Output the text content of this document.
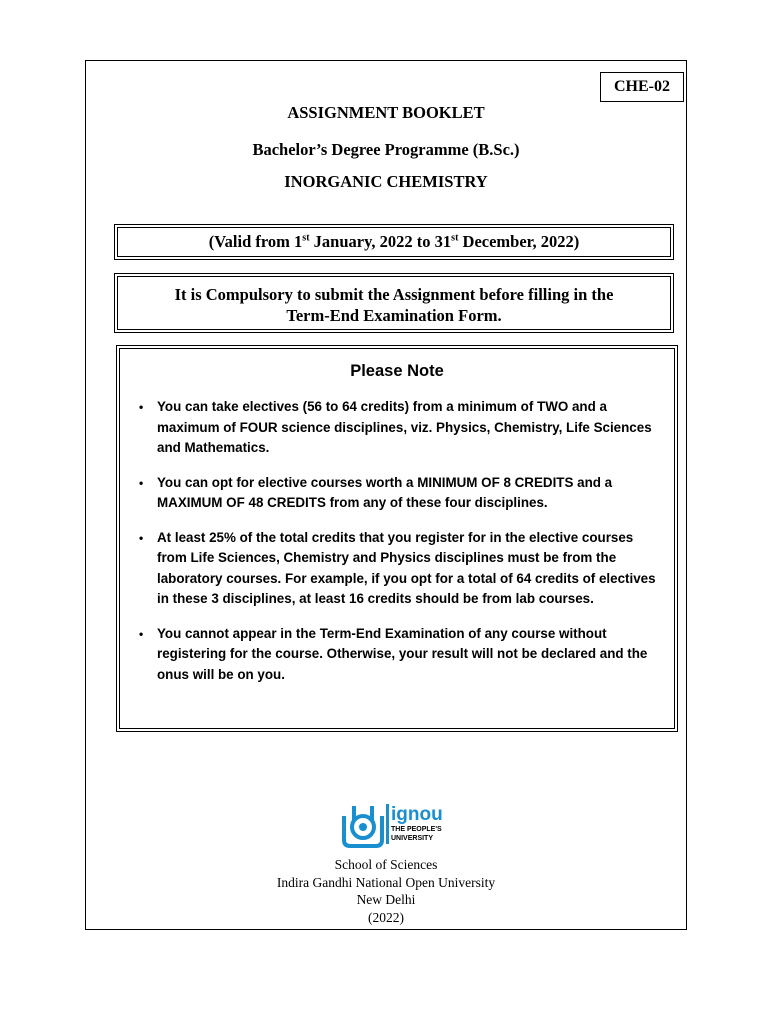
CHE-02
ASSIGNMENT BOOKLET
Bachelor’s Degree Programme (B.Sc.)
INORGANIC CHEMISTRY
(Valid from 1st January, 2022 to 31st December, 2022)
It is Compulsory to submit the Assignment before filling in the
Term-End Examination Form.
Please Note
• You can take electives (56 to 64 credits) from a minimum of TWO and a maximum of FOUR science disciplines, viz. Physics, Chemistry, Life Sciences and Mathematics.
• You can opt for elective courses worth a MINIMUM OF 8 CREDITS and a MAXIMUM OF 48 CREDITS from any of these four disciplines.
• At least 25% of the total credits that you register for in the elective courses from Life Sciences, Chemistry and Physics disciplines must be from the laboratory courses. For example, if you opt for a total of 64 credits of electives in these 3 disciplines, at least 16 credits should be from lab courses.
• You cannot appear in the Term-End Examination of any course without registering for the course. Otherwise, your result will not be declared and the onus will be on you.
ignou
THE PEOPLE'S
UNIVERSITY
School of Sciences
Indira Gandhi National Open University
New Delhi
(2022)
